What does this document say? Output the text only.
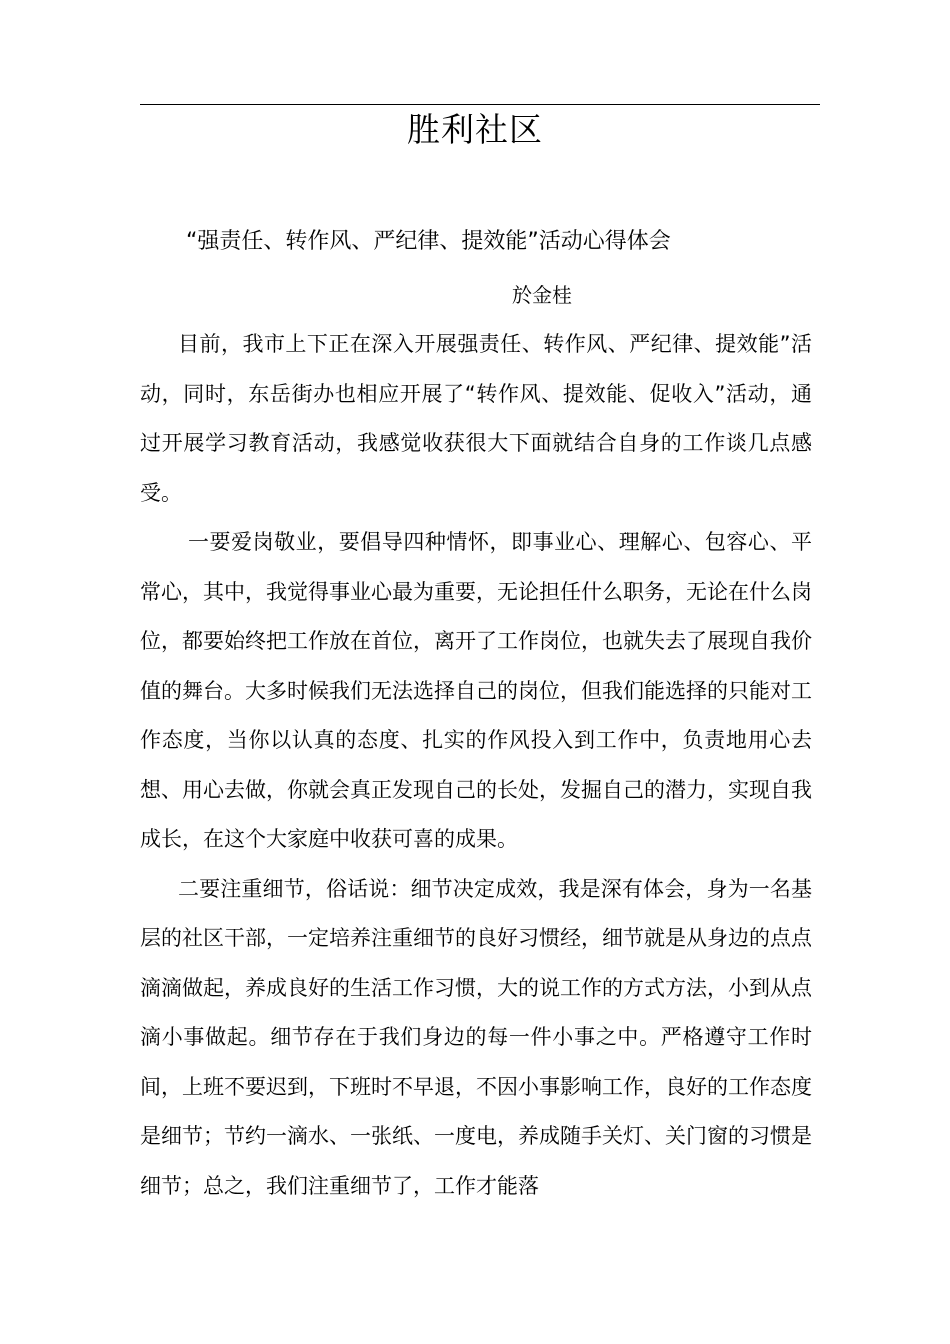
胜利社区
“强责任、转作风、严纪律、提效能”活动心得体会
於金桂

目前，我市上下正在深入开展强责任、转作风、严纪律、提效能”活动，同时，东岳街办也相应开展了“转作风、提效能、促收入”活动，通过开展学习教育活动，我感觉收获很大下面就结合自身的工作谈几点感受。

一要爱岗敬业，要倡导四种情怀，即事业心、理解心、包容心、平常心，其中，我觉得事业心最为重要，无论担任什么职务，无论在什么岗位，都要始终把工作放在首位，离开了工作岗位，也就失去了展现自我价值的舞台。大多时候我们无法选择自己的岗位，但我们能选择的只能对工作态度，当你以认真的态度、扎实的作风投入到工作中，负责地用心去想、用心去做，你就会真正发现自己的长处，发掘自己的潜力，实现自我成长，在这个大家庭中收获可喜的成果。

二要注重细节，俗话说：细节决定成效，我是深有体会，身为一名基层的社区干部，一定培养注重细节的良好习惯经，细节就是从身边的点点滴滴做起，养成良好的生活工作习惯，大的说工作的方式方法，小到从点滴小事做起。细节存在于我们身边的每一件小事之中。严格遵守工作时间，上班不要迟到，下班时不早退，不因小事影响工作，良好的工作态度是细节；节约一滴水、一张纸、一度电，养成随手关灯、关门窗的习惯是细节；总之，我们注重细节了，工作才能落
